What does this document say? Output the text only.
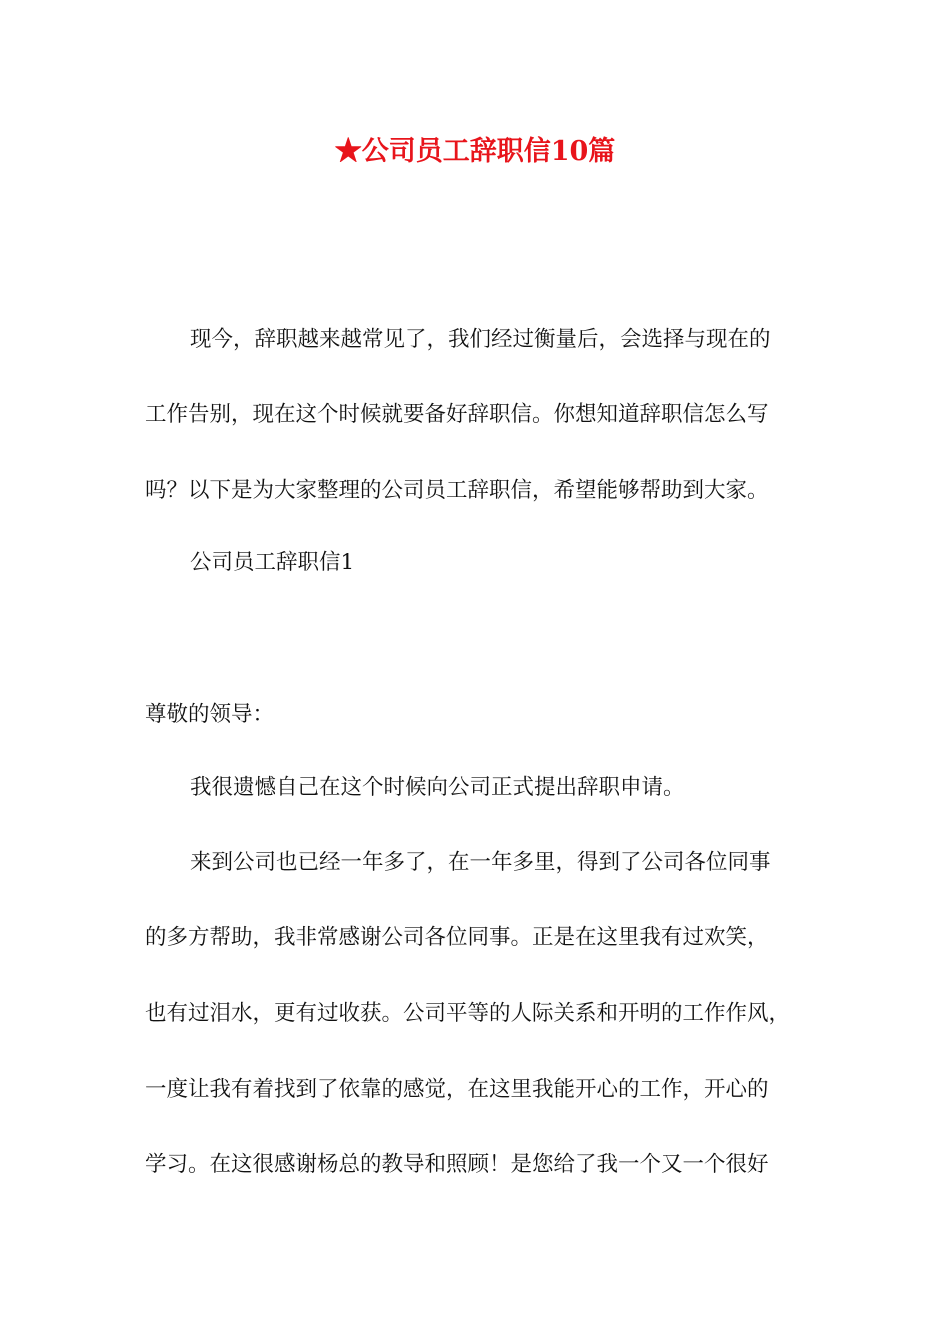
★公司员工辞职信10篇

现今，辞职越来越常见了，我们经过衡量后，会选择与现在的

工作告别，现在这个时候就要备好辞职信。你想知道辞职信怎么写

吗？以下是为大家整理的公司员工辞职信，希望能够帮助到大家。

公司员工辞职信1

尊敬的领导：

我很遗憾自己在这个时候向公司正式提出辞职申请。

来到公司也已经一年多了，在一年多里，得到了公司各位同事

的多方帮助，我非常感谢公司各位同事。正是在这里我有过欢笑，

也有过泪水，更有过收获。公司平等的人际关系和开明的工作作风，

一度让我有着找到了依靠的感觉，在这里我能开心的工作，开心的

学习。在这很感谢杨总的教导和照顾！是您给了我一个又一个很好
